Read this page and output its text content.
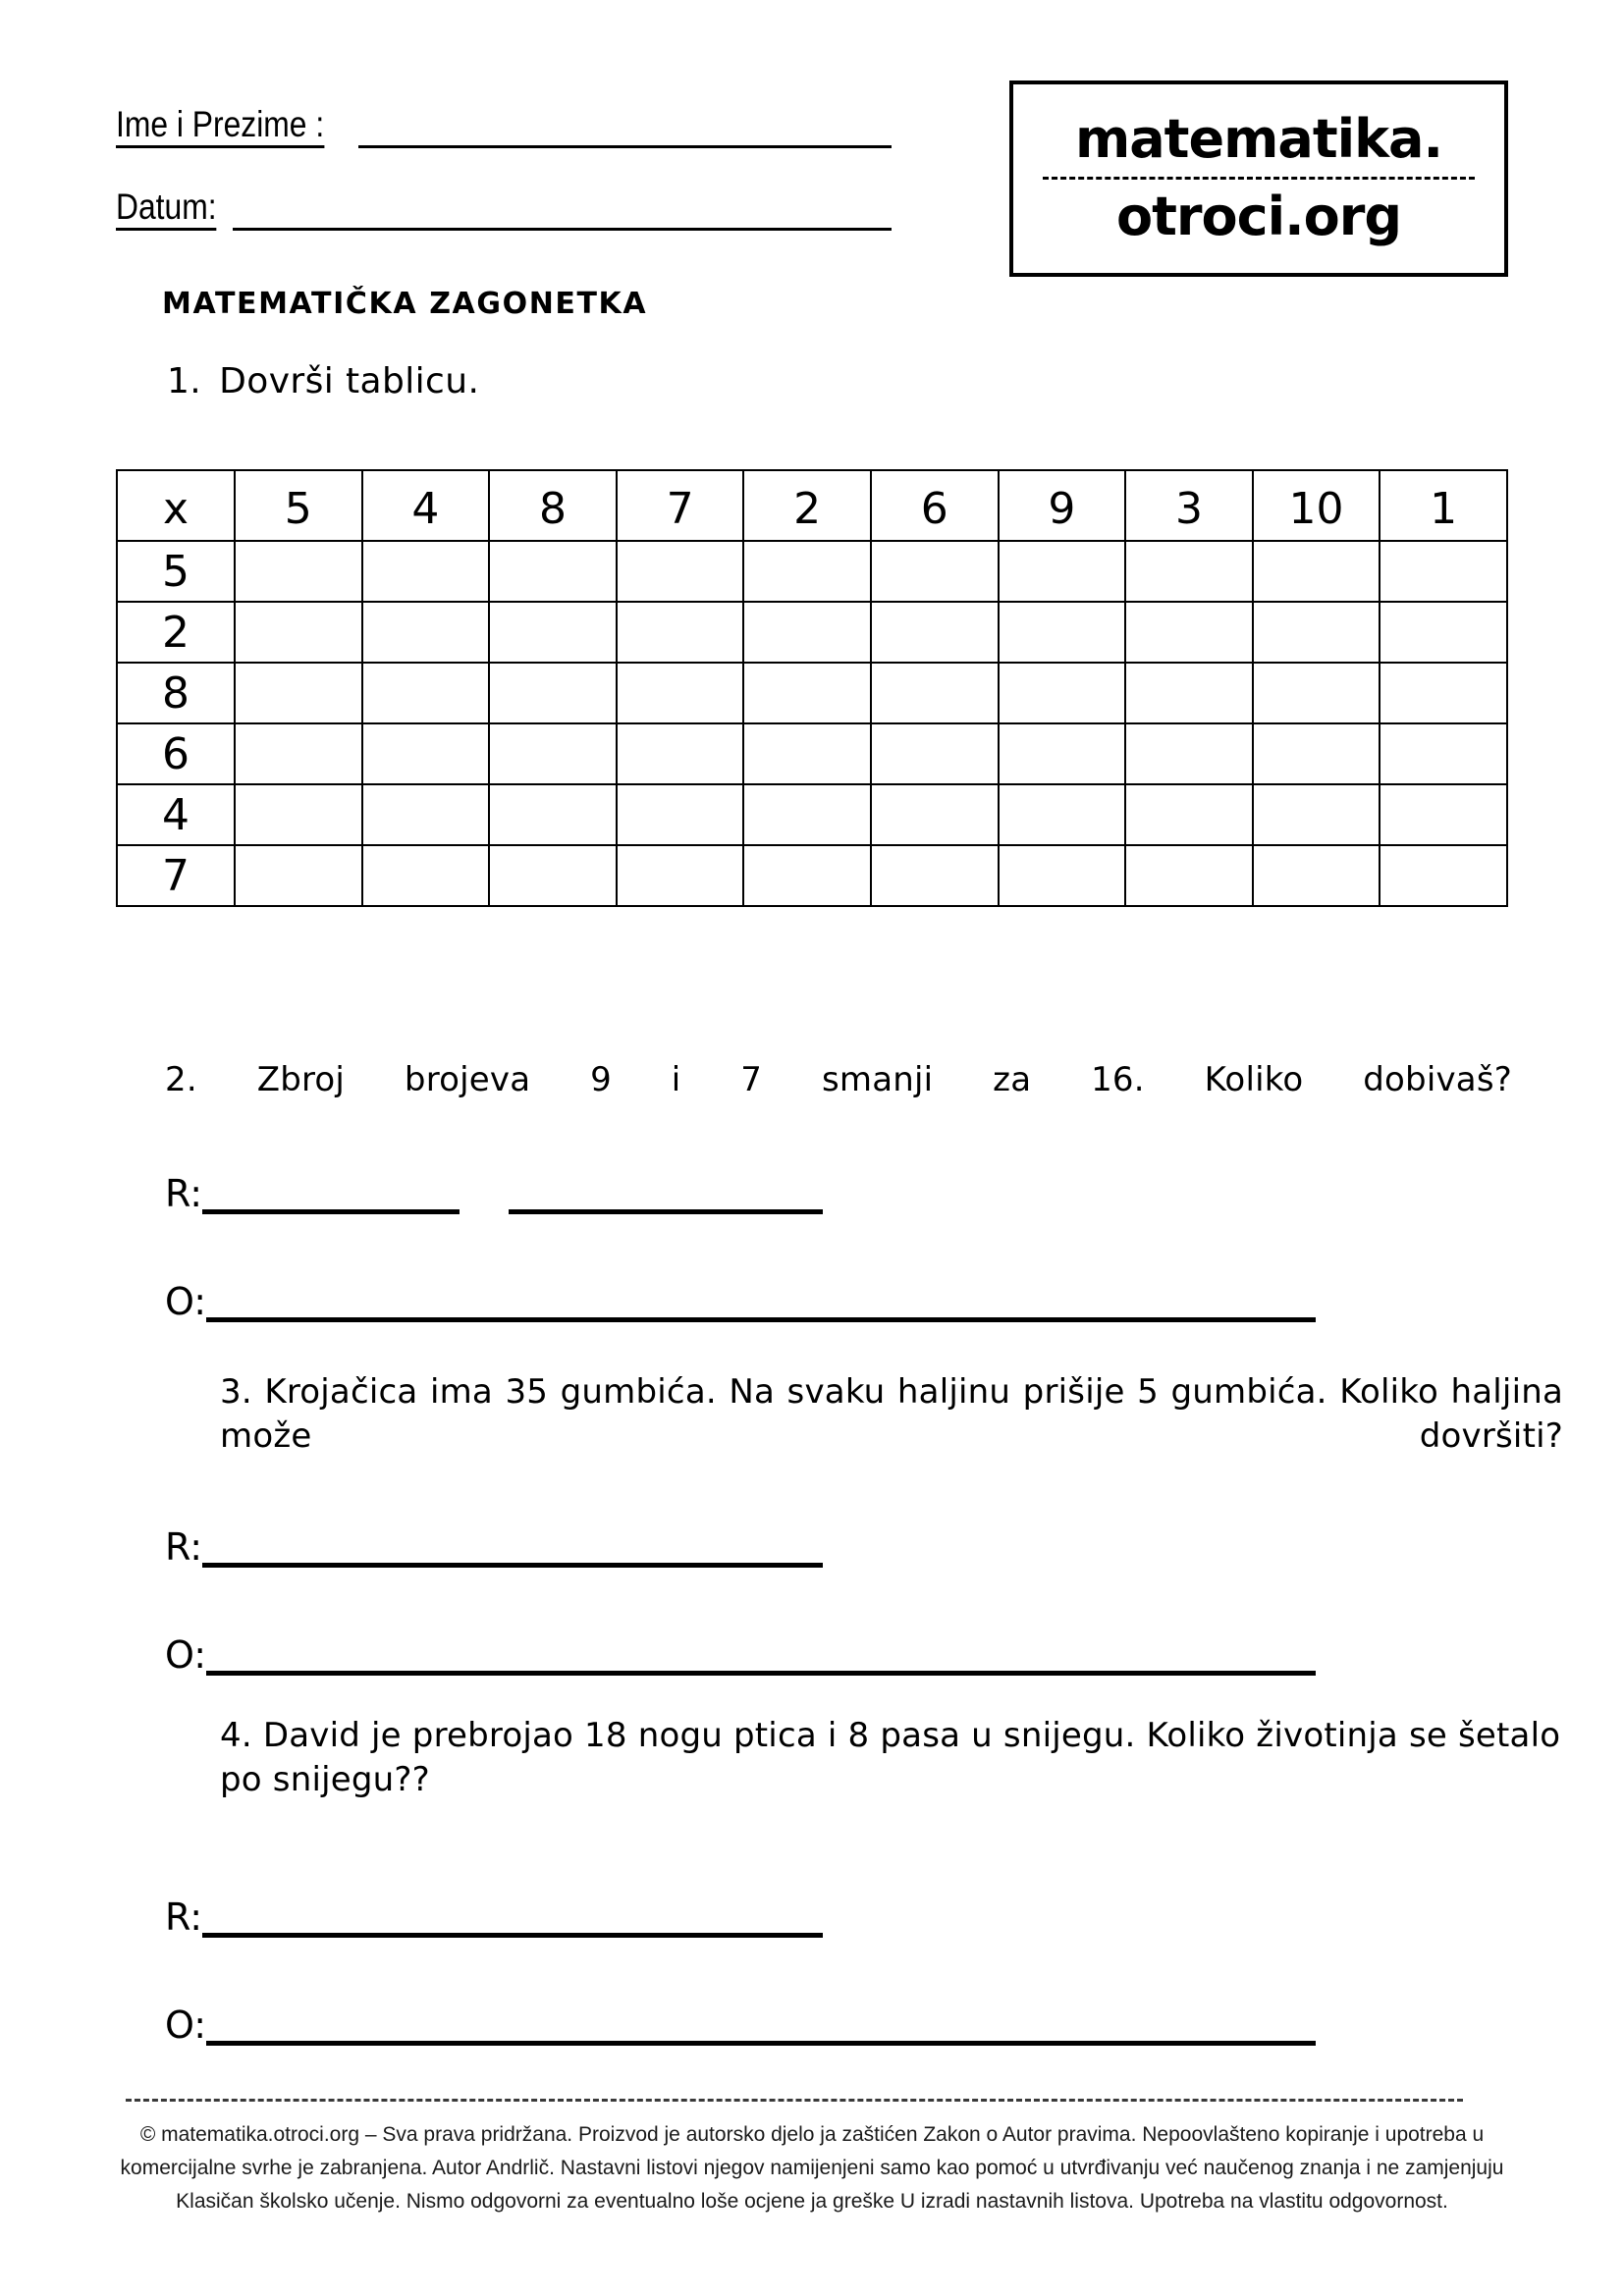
Ime i Prezime :
Datum:
matematika.
otroci.org
MATEMATIČKA ZAGONETKA
1. Dovrši tablicu.
x	5	4	8	7	2	6	9	3	10	1
5										
2										
8										
6										
4										
7										
2. Zbroj brojeva 9 i 7 smanji za 16. Koliko dobivaš?
R:
O:
3. Krojačica ima 35 gumbića. Na svaku haljinu prišije 5 gumbića. Koliko haljina može dovršiti?
R:
O:
4. David je prebrojao 18 nogu ptica i 8 pasa u snijegu. Koliko životinja se šetalo po snijegu??
R:
O:
© matematika.otroci.org – Sva prava pridržana. Proizvod je autorsko djelo ja zaštićen Zakon o Autor pravima. Nepoovlašteno kopiranje i upotreba u
komercijalne svrhe je zabranjena. Autor Andrlič. Nastavni listovi njegov namijenjeni samo kao pomoć u utvrđivanju već naučenog znanja i ne zamjenjuju
Klasičan školsko učenje. Nismo odgovorni za eventualno loše ocjene ja greške U izradi nastavnih listova. Upotreba na vlastitu odgovornost.
